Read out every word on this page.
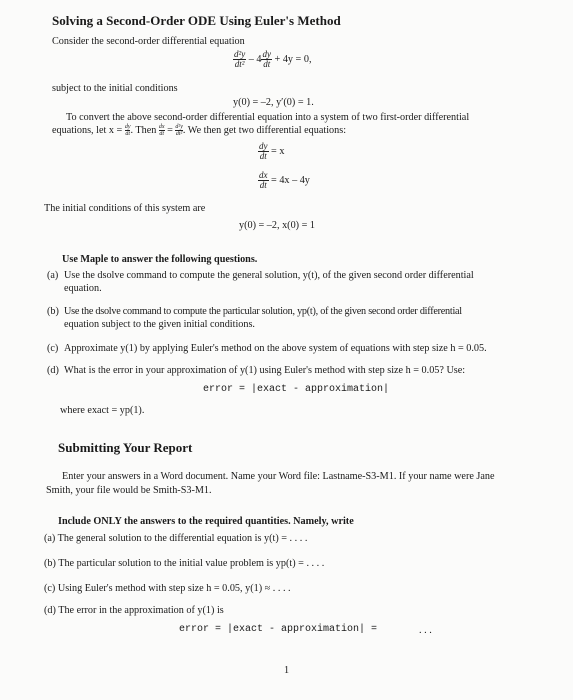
Solving a Second-Order ODE Using Euler's Method
Consider the second-order differential equation
$\frac{\text{d²y}}{\text{dt²}} - 4 \frac{dy}{dt} + 4y = 0$,
subject to the initial conditions
y(0) = –2, y′(0) = 1.
To convert the above second-order differential equation into a system of two first-order differential
equations, let $x = \frac{dy}{dt}$ . Then $\frac{dx}{dt} = \frac{\text{d²y}}{\text{dt²}}$ . We then get two differential equations:
$\frac{dy}{dt} = x$
$\frac{dx}{dt} = 4x - 4y$
The initial conditions of this system are
y(0) = –2, x(0) = 1
Use Maple to answer the following questions.
(a) Use the dsolve command to compute the general solution, y(t), of the given second order differential
equation.
(b) Use the dsolve command to compute the particular solution, yp(t), of the given second order differential
equation subject to the given initial conditions.
(c) Approximate y(1) by applying Euler's method on the above system of equations with step size h = 0.05.
(d) What is the error in your approximation of y(1) using Euler's method with step size h = 0.05? Use:
error = |exact - approximation|
where exact = yp(1).
Submitting Your Report
Enter your answers in a Word document. Name your Word file: Lastname-S3-M1. If your name were Jane
Smith, your file would be Smith-S3-M1.
Include ONLY the answers to the required quantities. Namely, write
(a) The general solution to the differential equation is y(t) = . . . .
(b) The particular solution to the initial value problem is yp(t) = . . . .
(c) Using Euler's method with step size h = 0.05, y(1) ≈ . . . .
(d) The error in the approximation of y(1) is
error = |exact - approximation| =	. . .
1
